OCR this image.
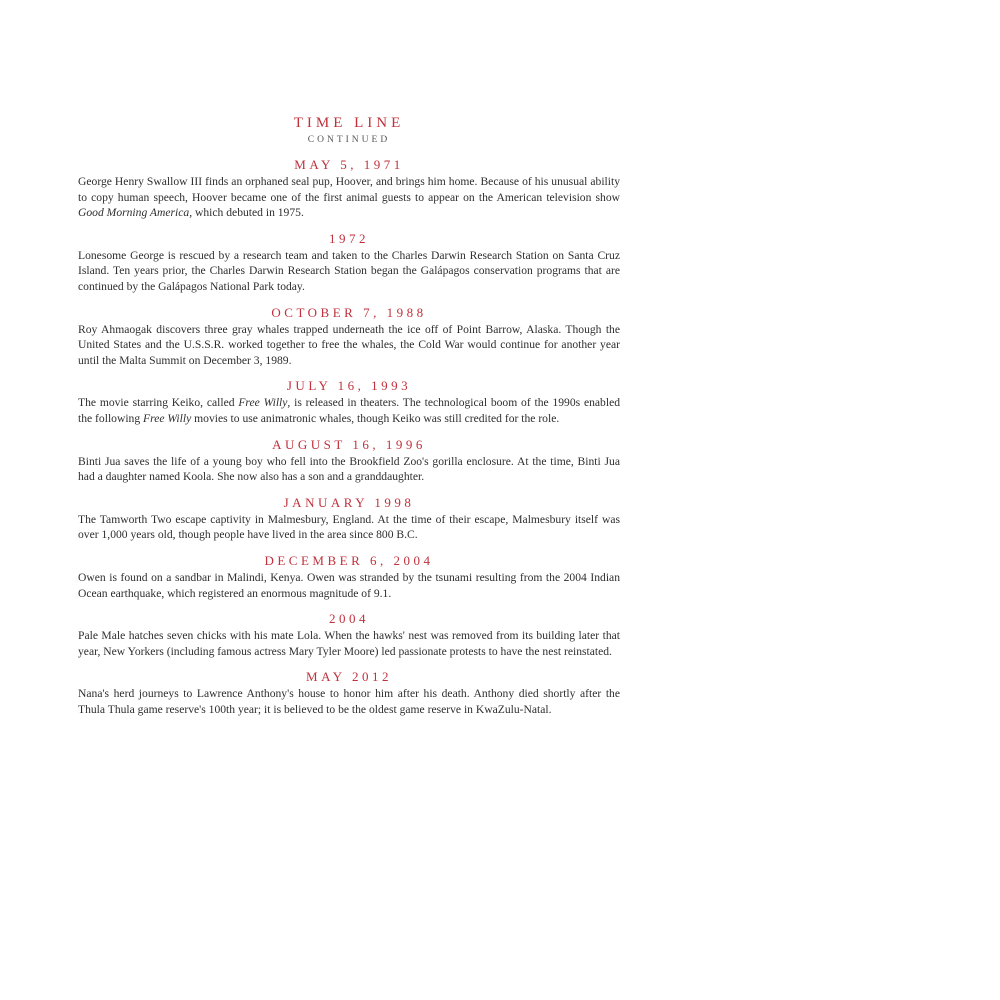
TIME LINE
CONTINUED
MAY 5, 1971

George Henry Swallow III finds an orphaned seal pup, Hoover, and brings him home. Because of his unusual ability to copy human speech, Hoover became one of the first animal guests to appear on the American television show Good Morning America, which debuted in 1975.

1972

Lonesome George is rescued by a research team and taken to the Charles Darwin Research Station on Santa Cruz Island. Ten years prior, the Charles Darwin Research Station began the Galápagos conservation programs that are continued by the Galápagos National Park today.

OCTOBER 7, 1988

Roy Ahmaogak discovers three gray whales trapped underneath the ice off of Point Barrow, Alaska. Though the United States and the U.S.S.R. worked together to free the whales, the Cold War would continue for another year until the Malta Summit on December 3, 1989.

JULY 16, 1993

The movie starring Keiko, called Free Willy, is released in theaters. The technological boom of the 1990s enabled the following Free Willy movies to use animatronic whales, though Keiko was still credited for the role.

AUGUST 16, 1996

Binti Jua saves the life of a young boy who fell into the Brookfield Zoo's gorilla enclosure. At the time, Binti Jua had a daughter named Koola. She now also has a son and a granddaughter.

JANUARY 1998

The Tamworth Two escape captivity in Malmesbury, England. At the time of their escape, Malmesbury itself was over 1,000 years old, though people have lived in the area since 800 B.C.

DECEMBER 6, 2004

Owen is found on a sandbar in Malindi, Kenya. Owen was stranded by the tsunami resulting from the 2004 Indian Ocean earthquake, which registered an enormous magnitude of 9.1.

2004

Pale Male hatches seven chicks with his mate Lola. When the hawks' nest was removed from its building later that year, New Yorkers (including famous actress Mary Tyler Moore) led passionate protests to have the nest reinstated.

MAY 2012

Nana's herd journeys to Lawrence Anthony's house to honor him after his death. Anthony died shortly after the Thula Thula game reserve's 100th year; it is believed to be the oldest game reserve in KwaZulu-Natal.
